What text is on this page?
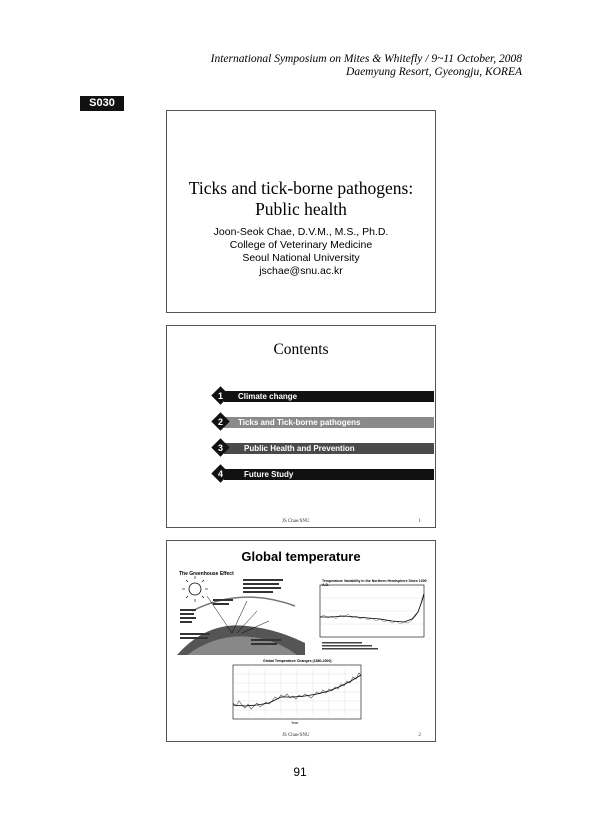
International Symposium on Mites & Whitefly / 9~11 October, 2008
Daemyung Resort, Gyeongju, KOREA
S030
Ticks and tick-borne pathogens:
Public health
Joon-Seok Chae, D.V.M., M.S., Ph.D.
College of Veterinary Medicine
Seoul National University
jschae@snu.ac.kr
Contents
Climate change
1
Ticks and Tick-borne pathogens
2
Public Health and Prevention
3
Future Study
4
JS Chae/SNU	1
Global temperature
The Greenhouse Effect
Temperature Variability in the Northern Hemisphere Since 1000 A.D.
Global Temperature Changes (1880-2000)
Year
JS Chae/SNU	2
91
